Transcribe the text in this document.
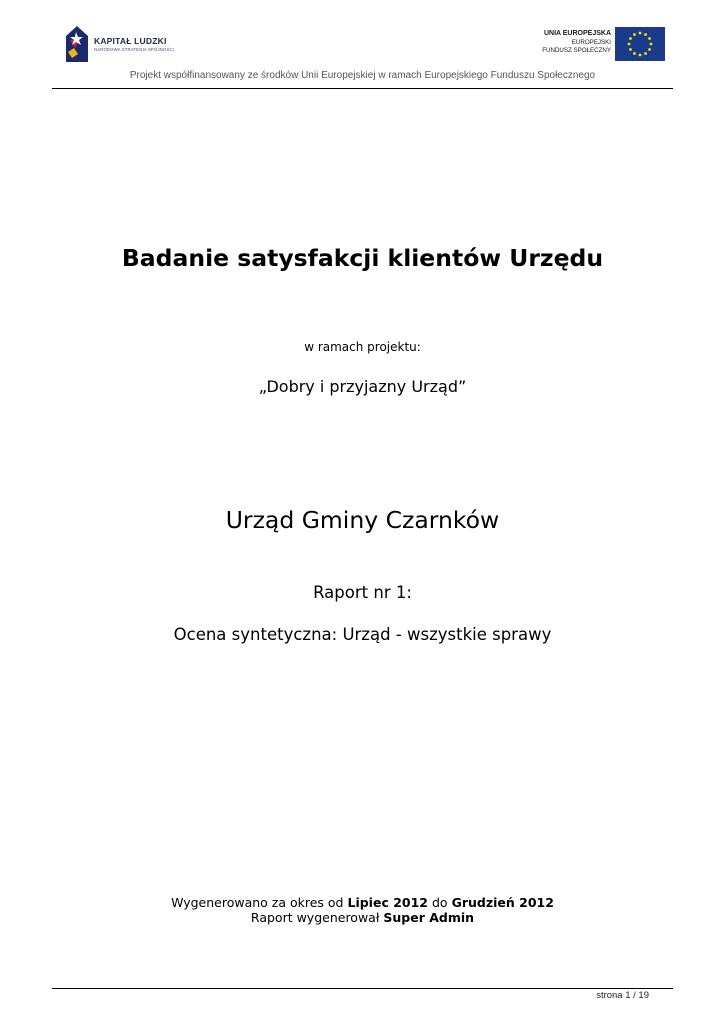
KAPITAŁ LUDZKI
NARODOWA STRATEGIA SPÓJNOŚCI
UNIA EUROPEJSKA
EUROPEJSKI
FUNDUSZ SPOŁECZNY
Projekt współfinansowany ze środków Unii Europejskiej w ramach Europejskiego Funduszu Społecznego
Badanie satysfakcji klientów Urzędu
w ramach projektu:
„Dobry i przyjazny Urząd”
Urząd Gminy Czarnków
Raport nr 1:
Ocena syntetyczna: Urząd - wszystkie sprawy
Wygenerowano za okres od Lipiec 2012 do Grudzień 2012
Raport wygenerował Super Admin
strona 1 / 19
